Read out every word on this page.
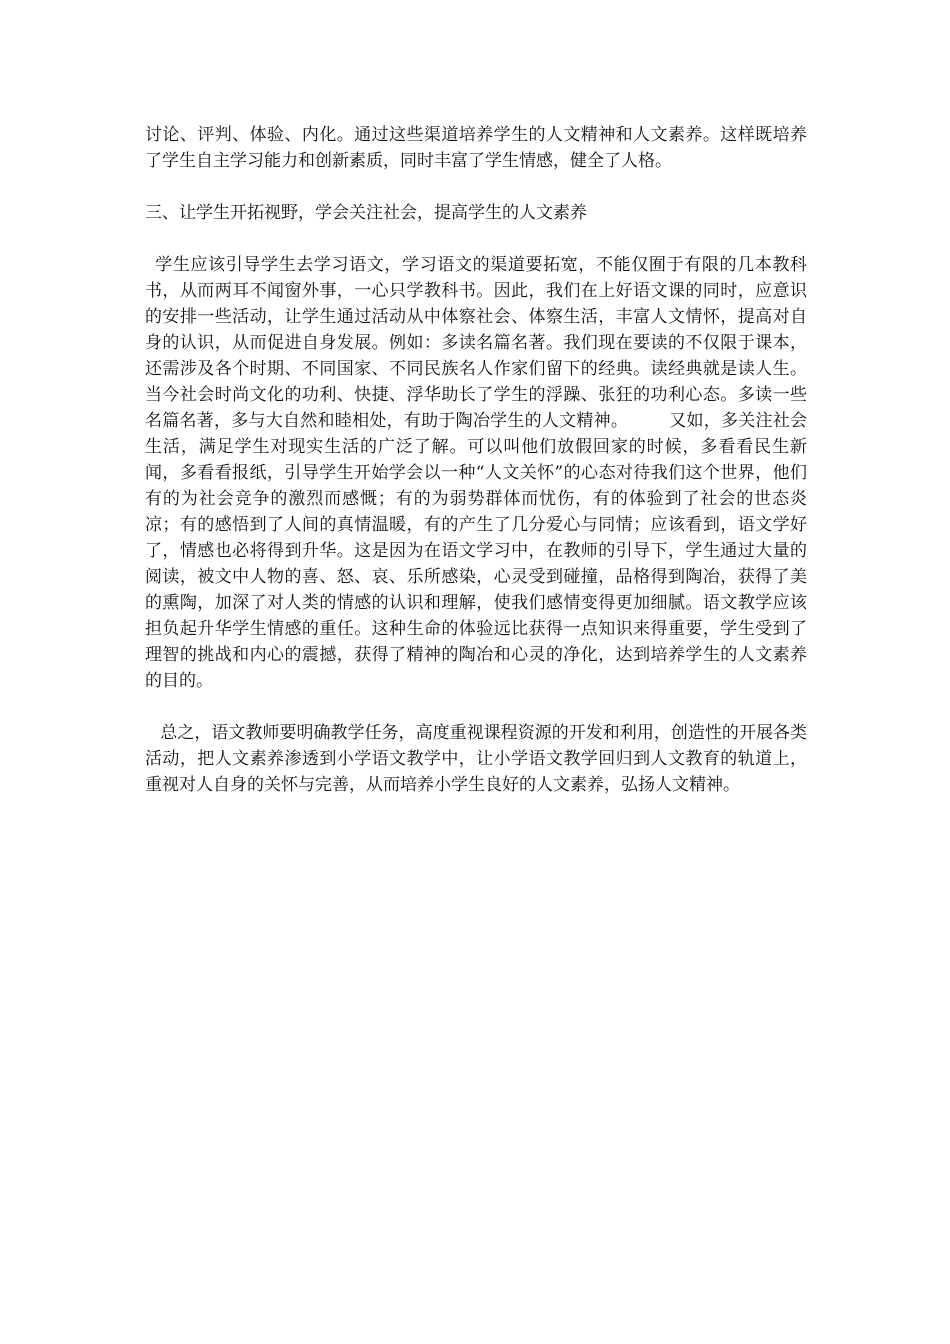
讨论、评判、体验、内化。通过这些渠道培养学生的人文精神和人文素养。这样既培养了学生自主学习能力和创新素质，同时丰富了学生情感，健全了人格。

三、让学生开拓视野，学会关注社会，提高学生的人文素养

学生应该引导学生去学习语文，学习语文的渠道要拓宽，不能仅囿于有限的几本教科书，从而两耳不闻窗外事，一心只学教科书。因此，我们在上好语文课的同时，应意识的安排一些活动，让学生通过活动从中体察社会、体察生活，丰富人文情怀，提高对自身的认识，从而促进自身发展。例如：多读名篇名著。我们现在要读的不仅限于课本，还需涉及各个时期、不同国家、不同民族名人作家们留下的经典。读经典就是读人生。当今社会时尚文化的功利、快捷、浮华助长了学生的浮躁、张狂的功利心态。多读一些名篇名著，多与大自然和睦相处，有助于陶冶学生的人文精神。 又如，多关注社会生活，满足学生对现实生活的广泛了解。可以叫他们放假回家的时候，多看看民生新闻，多看看报纸，引导学生开始学会以一种“人文关怀”的心态对待我们这个世界，他们有的为社会竞争的激烈而感慨；有的为弱势群体而忧伤，有的体验到了社会的世态炎凉；有的感悟到了人间的真情温暖，有的产生了几分爱心与同情；应该看到，语文学好了，情感也必将得到升华。这是因为在语文学习中，在教师的引导下，学生通过大量的阅读，被文中人物的喜、怒、哀、乐所感染，心灵受到碰撞，品格得到陶冶，获得了美的熏陶，加深了对人类的情感的认识和理解，使我们感情变得更加细腻。语文教学应该担负起升华学生情感的重任。这种生命的体验远比获得一点知识来得重要，学生受到了理智的挑战和内心的震撼，获得了精神的陶冶和心灵的净化，达到培养学生的人文素养的目的。

总之，语文教师要明确教学任务，高度重视课程资源的开发和利用，创造性的开展各类活动，把人文素养渗透到小学语文教学中，让小学语文教学回归到人文教育的轨道上，重视对人自身的关怀与完善，从而培养小学生良好的人文素养，弘扬人文精神。
